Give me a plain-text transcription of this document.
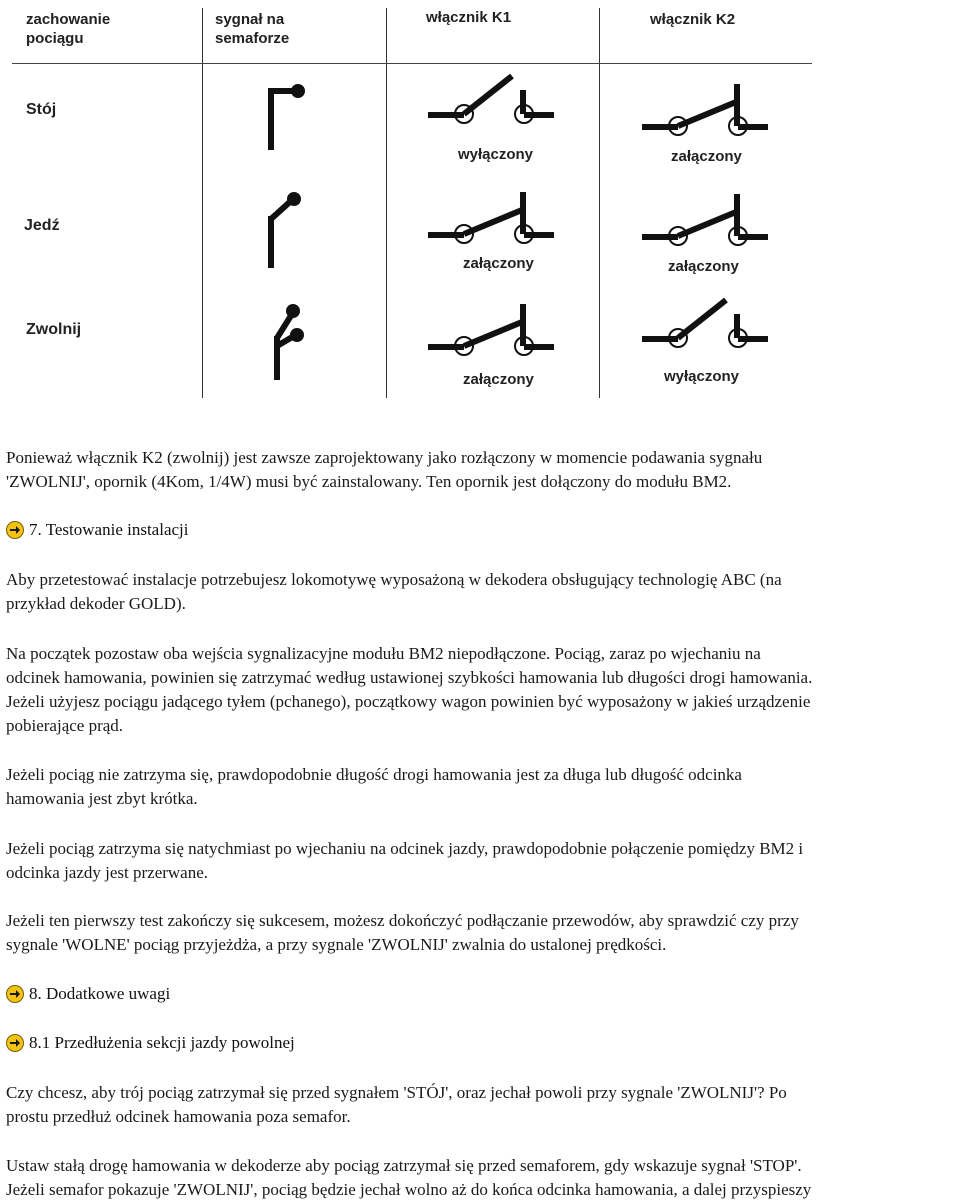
zachowanie
pociągu
sygnał na
semaforze
włącznik K1	włącznik K2
Stój
Jedź
Zwolnij
wyłączony
załączony
załączony
załączony
załączony
wyłączony
Ponieważ włącznik K2 (zwolnij) jest zawsze zaprojektowany jako rozłączony w momencie podawania sygnału
'ZWOLNIJ', opornik (4Kom, 1/4W) musi być zainstalowany. Ten opornik jest dołączony do modułu BM2.
7. Testowanie instalacji
Aby przetestować instalacje potrzebujesz lokomotywę wyposażoną w dekodera obsługujący technologię ABC (na
przykład dekoder GOLD).
Na początek pozostaw oba wejścia sygnalizacyjne modułu BM2 niepodłączone. Pociąg, zaraz po wjechaniu na
odcinek hamowania, powinien się zatrzymać według ustawionej szybkości hamowania lub długości drogi hamowania.
Jeżeli użyjesz pociągu jadącego tyłem (pchanego), początkowy wagon powinien być wyposażony w jakieś urządzenie
pobierające prąd.
Jeżeli pociąg nie zatrzyma się, prawdopodobnie długość drogi hamowania jest za długa lub długość odcinka
hamowania jest zbyt krótka.
Jeżeli pociąg zatrzyma się natychmiast po wjechaniu na odcinek jazdy, prawdopodobnie połączenie pomiędzy BM2 i
odcinka jazdy jest przerwane.
Jeżeli ten pierwszy test zakończy się sukcesem, możesz dokończyć podłączanie przewodów, aby sprawdzić czy przy
sygnale 'WOLNE' pociąg przyjeżdża, a przy sygnale 'ZWOLNIJ' zwalnia do ustalonej prędkości.
8. Dodatkowe uwagi
8.1 Przedłużenia sekcji jazdy powolnej
Czy chcesz, aby trój pociąg zatrzymał się przed sygnałem 'STÓJ', oraz jechał powoli przy sygnale 'ZWOLNIJ'? Po
prostu przedłuż odcinek hamowania poza semafor.
Ustaw stałą drogę hamowania w dekoderze aby pociąg zatrzymał się przed semaforem, gdy wskazuje sygnał 'STOP'.
Jeżeli semafor pokazuje 'ZWOLNIJ', pociąg będzie jechał wolno aż do końca odcinka hamowania, a dalej przyspieszy
